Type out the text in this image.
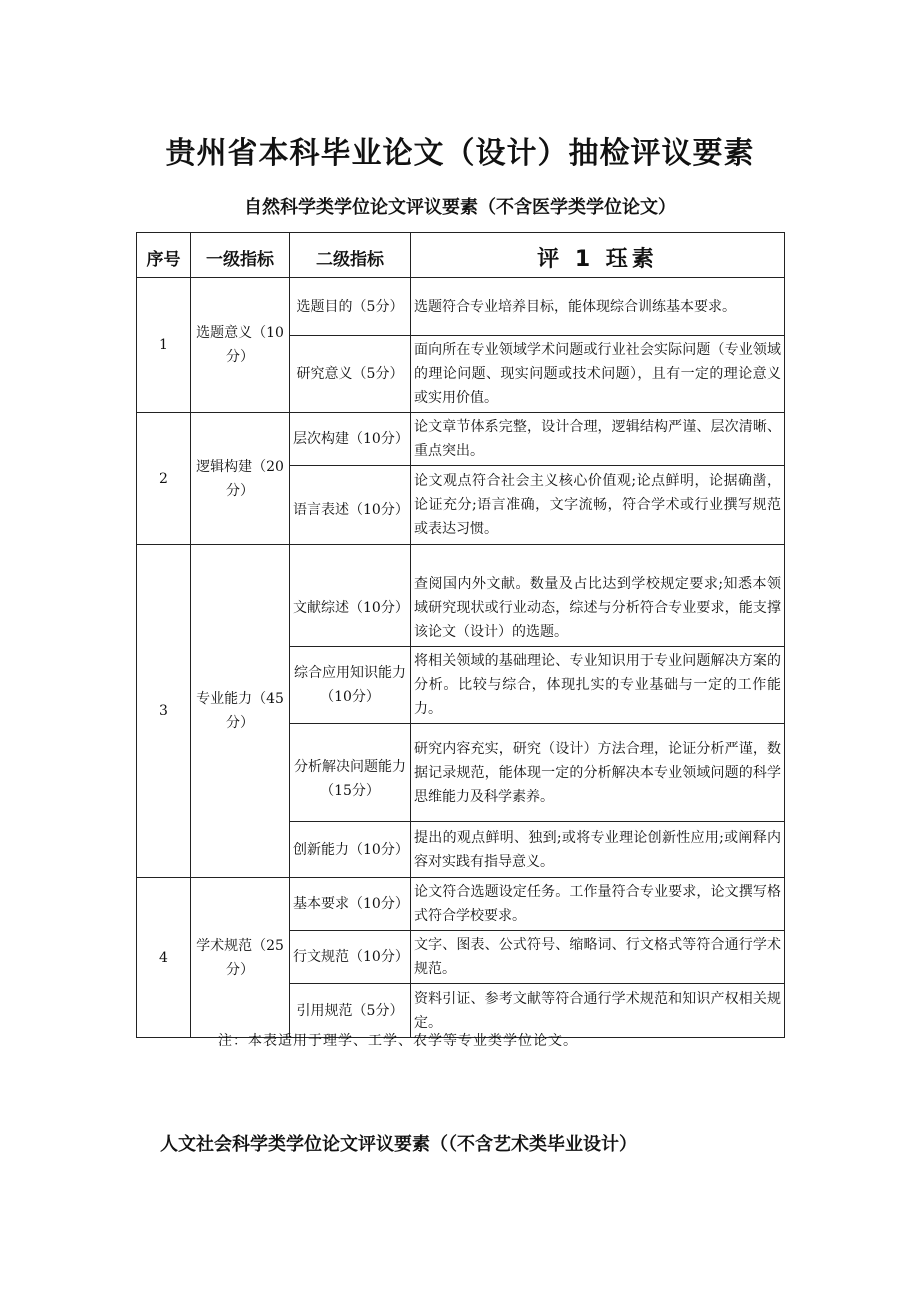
贵州省本科毕业论文（设计）抽检评议要素
自然科学类学位论文评议要素（不含医学类学位论文）
序号	一级指标	二级指标	评 1 珏素
1	选题意义（10分）	选题目的（5分）	选题符合专业培养目标，能体现综合训练基本要求。
		研究意义（5分）	面向所在专业领域学术问题或行业社会实际问题（专业领域的理论问题、现实问题或技术问题），且有一定的理论意义或实用价值。
2	逻辑构建（20分）	层次构建（10分）	论文章节体系完整，设计合理，逻辑结构严谨、层次清晰、重点突出。
		语言表述（10分）	论文观点符合社会主义核心价值观;论点鲜明，论据确凿，论证充分;语言准确，文字流畅，符合学术或行业撰写规范或表达习惯。
3	专业能力（45分）	文献综述（10分）	查阅国内外文献。数量及占比达到学校规定要求;知悉本领域研究现状或行业动态，综述与分析符合专业要求，能支撑该论文（设计）的选题。
		综合应用知识能力（10分）	将相关领域的基础理论、专业知识用于专业问题解决方案的分析。比较与综合，体现扎实的专业基础与一定的工作能力。
		分析解决问题能力（15分）	研究内容充实，研究（设计）方法合理，论证分析严谨，数据记录规范，能体现一定的分析解决本专业领域问题的科学思维能力及科学素养。
		创新能力（10分）	提出的观点鲜明、独到;或将专业理论创新性应用;或阐释内容对实践有指导意义。
4	学术规范（25分）	基本要求（10分）	论文符合选题设定任务。工作量符合专业要求，论文撰写格式符合学校要求。
		行文规范（10分）	文字、图表、公式符号、缩略词、行文格式等符合通行学术规范。
		引用规范（5分）	资料引证、参考文献等符合通行学术规范和知识产权相关规定。
注：本表适用于理学、工学、农学等专业类学位论文。
人文社会科学类学位论文评议要素（（不含艺术类毕业设计）
